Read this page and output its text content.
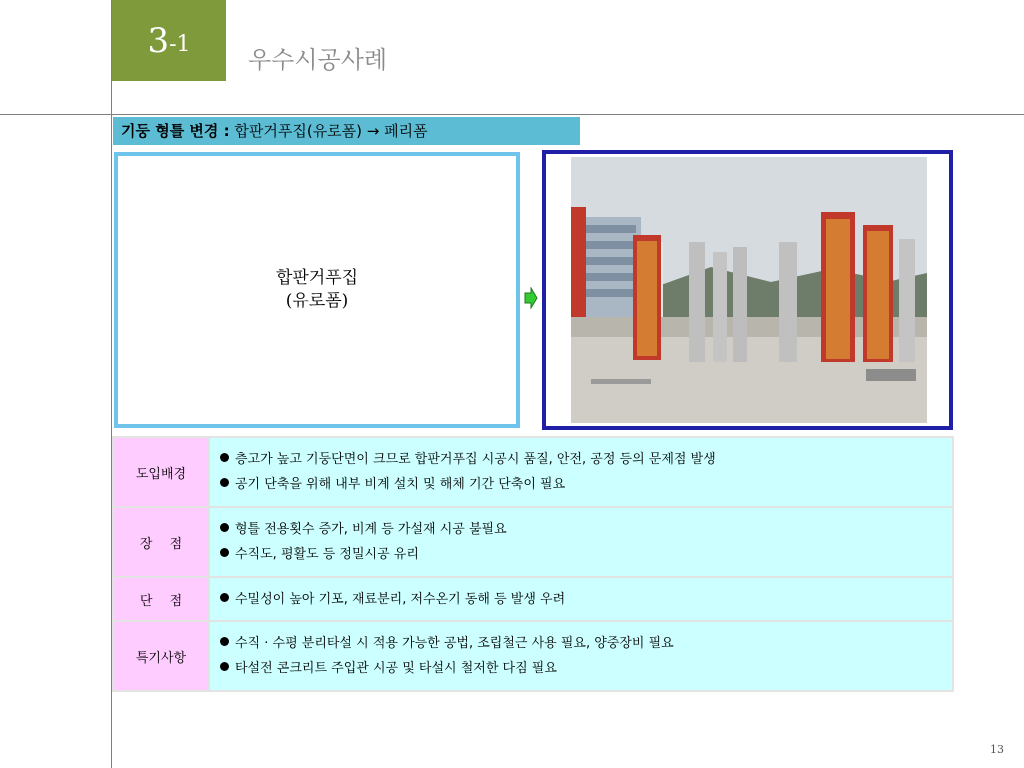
3 -1
우수시공사례
기둥 형틀 변경 : 합판거푸집(유로폼) → 페리폼
합판거푸집
(유로폼)
도입배경	층고가 높고 기둥단면이 크므로 합판거푸집 시공시 품질, 안전, 공정 등의 문제점 발생
공기 단축을 위해 내부 비계 설치 및 해체 기간 단축이 필요

장　 점	형틀 전용횟수 증가, 비계 등 가설재 시공 불필요
수직도, 평활도 등 정밀시공 유리

단　 점	수밀성이 높아 기포, 재료분리, 저수온기 동해 등 발생 우려

특기사항	수직 · 수평 분리타설 시 적용 가능한 공법, 조립철근 사용 필요, 양중장비 필요
타설전 콘크리트 주입관 시공 및 타설시 철저한 다짐 필요
13
